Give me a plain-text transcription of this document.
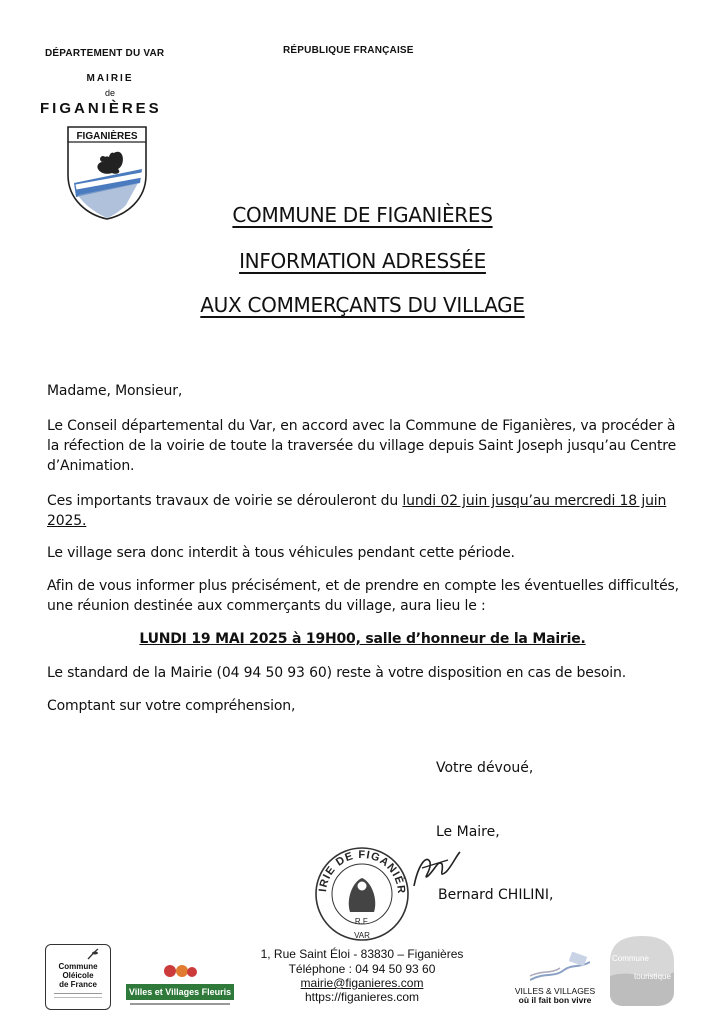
DÉPARTEMENT DU VAR	RÉPUBLIQUE FRANÇAISE
MAIRIE
de
FIGANIÈRES
FIGANIÈRES
COMMUNE DE FIGANIÈRES
INFORMATION ADRESSÉE
AUX COMMERÇANTS DU VILLAGE
Madame, Monsieur,
Le Conseil départemental du Var, en accord avec la Commune de Figanières, va procéder à la réfection de la voirie de toute la traversée du village depuis Saint Joseph jusqu’au Centre d’Animation.
Ces importants travaux de voirie se dérouleront du lundi 02 juin jusqu’au mercredi 18 juin 2025.
Le village sera donc interdit à tous véhicules pendant cette période.
Afin de vous informer plus précisément, et de prendre en compte les éventuelles difficultés, une réunion destinée aux commerçants du village, aura lieu le :
LUNDI 19 MAI 2025 à 19H00, salle d’honneur de la Mairie.
Le standard de la Mairie (04 94 50 93 60) reste à votre disposition en cas de besoin.
Comptant sur votre compréhension,
Votre dévoué,
Le Maire,
IRIE DE FIGANIÈR
R.F.
VAR
Bernard CHILINI,
1, Rue Saint Éloi - 83830 – Figanières
Téléphone : 04 94 50 93 60
mairie@figanieres.com
https://figanieres.com
Commune
Oléicole
de France
Villes et Villages Fleuris	VILLES & VILLAGES
où il fait bon vivre
Commune
touristique
